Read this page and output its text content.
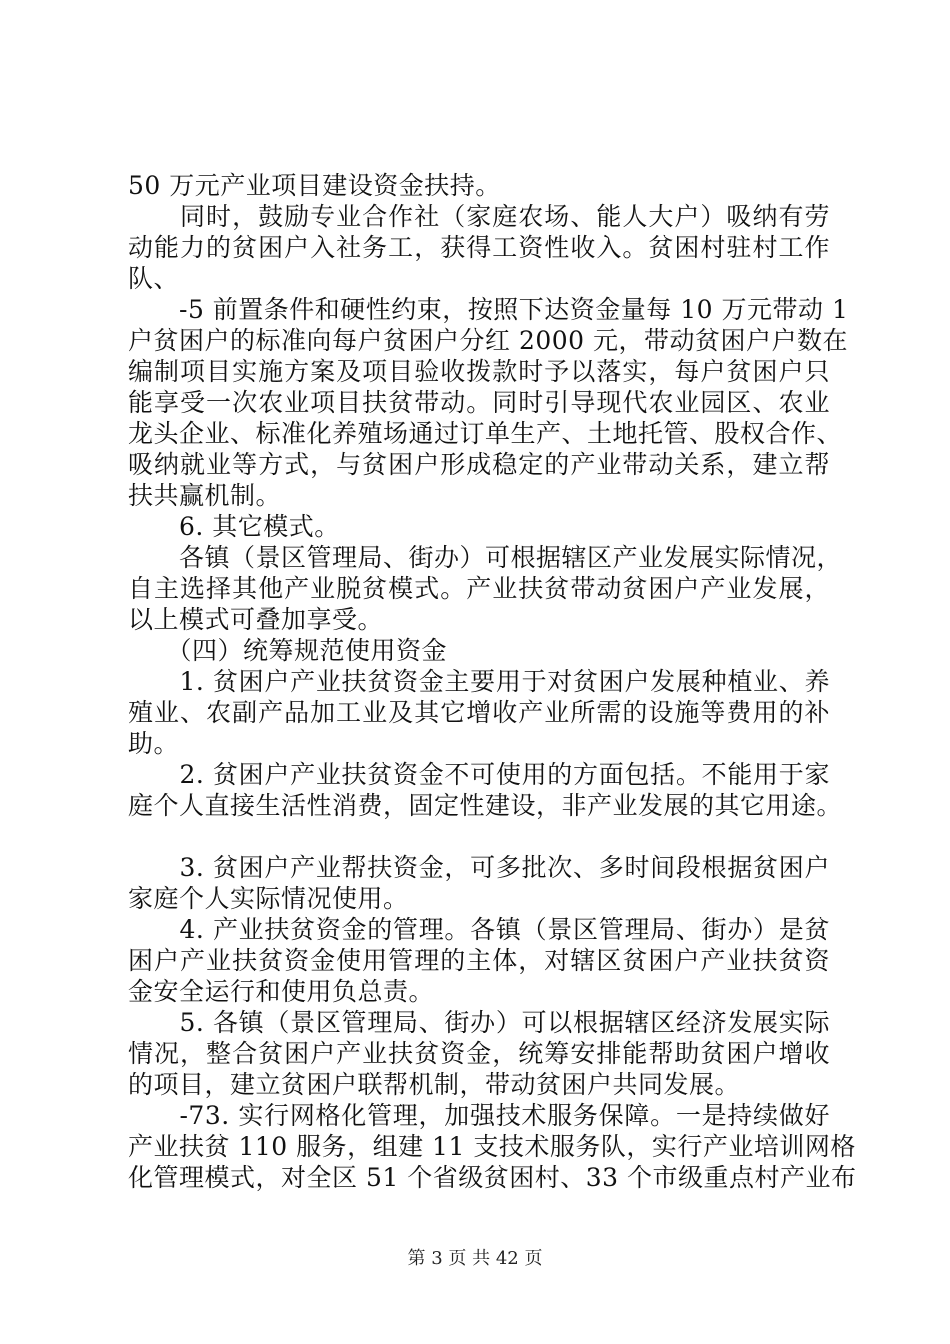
50 万元产业项目建设资金扶持。
　　同时，鼓励专业合作社（家庭农场、能人大户）吸纳有劳
动能力的贫困户入社务工，获得工资性收入。贫困村驻村工作
队、
　　-5 前置条件和硬性约束，按照下达资金量每 10 万元带动 1
户贫困户的标准向每户贫困户分红 2000 元，带动贫困户户数在
编制项目实施方案及项目验收拨款时予以落实，每户贫困户只
能享受一次农业项目扶贫带动。同时引导现代农业园区、农业
龙头企业、标准化养殖场通过订单生产、土地托管、股权合作、
吸纳就业等方式，与贫困户形成稳定的产业带动关系，建立帮
扶共赢机制。
　　6. 其它模式。
　　各镇（景区管理局、街办）可根据辖区产业发展实际情况，
自主选择其他产业脱贫模式。产业扶贫带动贫困户产业发展，
以上模式可叠加享受。
　　（四）统筹规范使用资金
　　1. 贫困户产业扶贫资金主要用于对贫困户发展种植业、养
殖业、农副产品加工业及其它增收产业所需的设施等费用的补
助。
　　2. 贫困户产业扶贫资金不可使用的方面包括。不能用于家
庭个人直接生活性消费，固定性建设，非产业发展的其它用途。
　　3. 贫困户产业帮扶资金，可多批次、多时间段根据贫困户
家庭个人实际情况使用。
　　4. 产业扶贫资金的管理。各镇（景区管理局、街办）是贫
困户产业扶贫资金使用管理的主体，对辖区贫困户产业扶贫资
金安全运行和使用负总责。
　　5. 各镇（景区管理局、街办）可以根据辖区经济发展实际
情况，整合贫困户产业扶贫资金，统筹安排能帮助贫困户增收
的项目，建立贫困户联帮机制，带动贫困户共同发展。
　　-73. 实行网格化管理，加强技术服务保障。一是持续做好
产业扶贫 110 服务，组建 11 支技术服务队，实行产业培训网格
化管理模式，对全区 51 个省级贫困村、33 个市级重点村产业布
第 3 页 共 42 页
